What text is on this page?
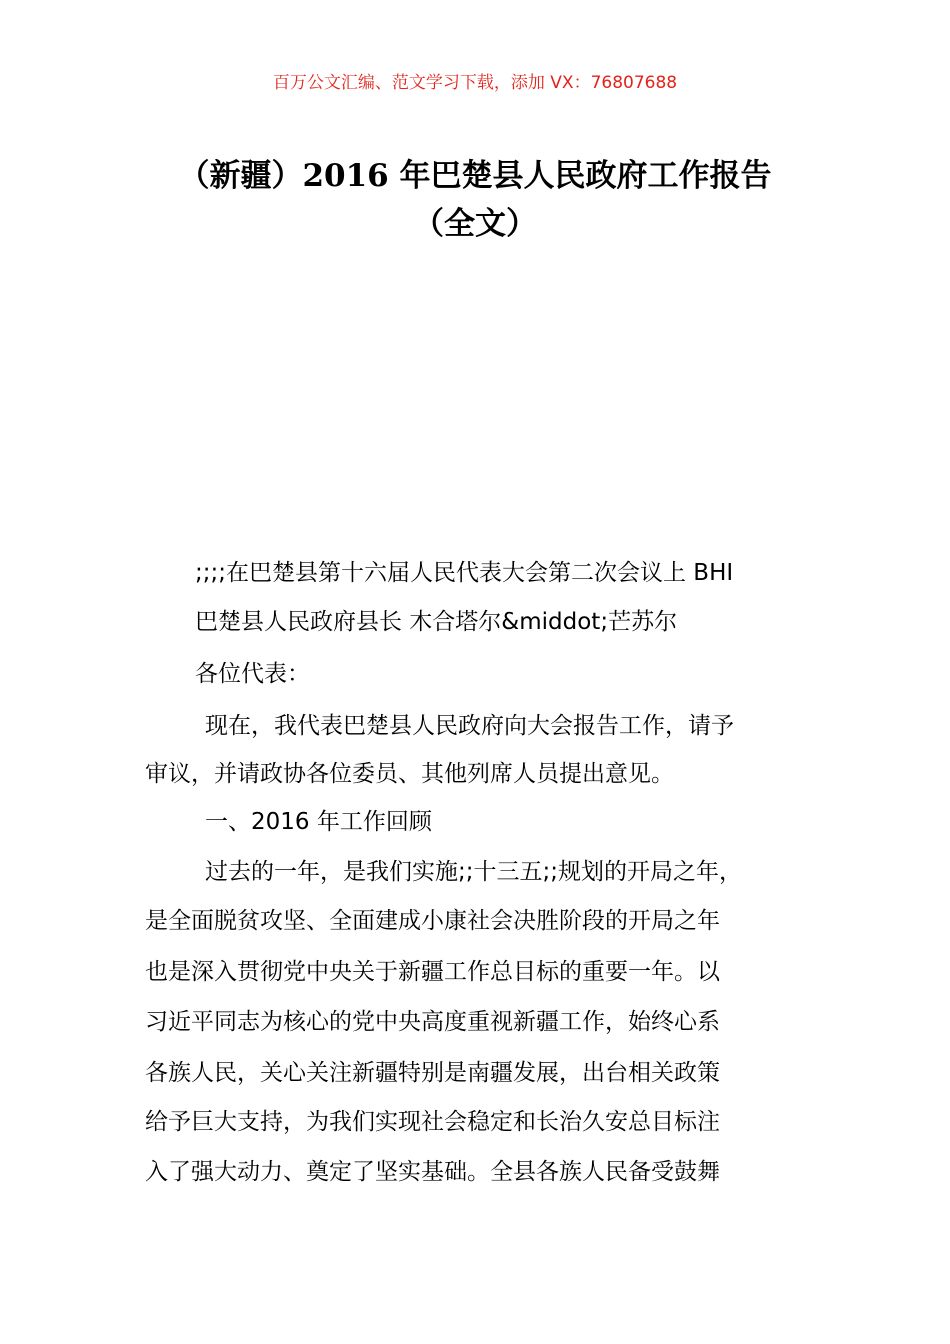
百万公文汇编、范文学习下载，添加 VX：76807688
（新疆）2016 年巴楚县人民政府工作报告
（全文）
;;;;在巴楚县第十六届人民代表大会第二次会议上 BHI
巴楚县人民政府县长 木合塔尔&middot;芒苏尔
各位代表：
现在，我代表巴楚县人民政府向大会报告工作，请予
审议，并请政协各位委员、其他列席人员提出意见。
一、2016 年工作回顾
过去的一年，是我们实施;;十三五;;规划的开局之年，
是全面脱贫攻坚、全面建成小康社会决胜阶段的开局之年
也是深入贯彻党中央关于新疆工作总目标的重要一年。以
习近平同志为核心的党中央高度重视新疆工作，始终心系
各族人民，关心关注新疆特别是南疆发展，出台相关政策
给予巨大支持，为我们实现社会稳定和长治久安总目标注
入了强大动力、奠定了坚实基础。全县各族人民备受鼓舞
